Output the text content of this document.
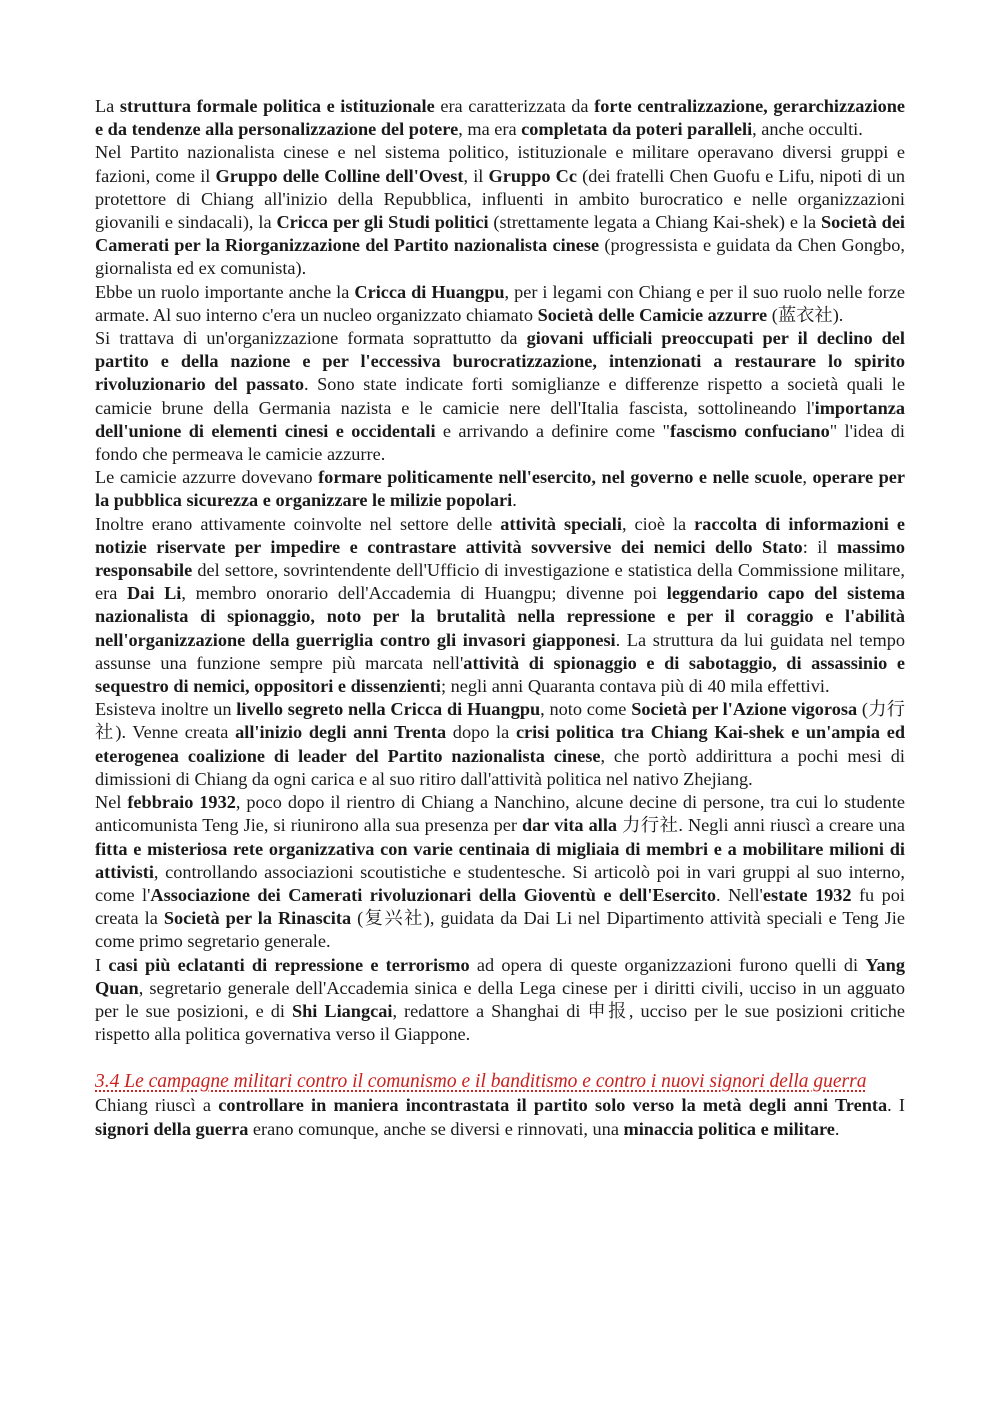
La struttura formale politica e istituzionale era caratterizzata da forte centralizzazione, gerarchizzazione e da tendenze alla personalizzazione del potere, ma era completata da poteri paralleli, anche occulti.

Nel Partito nazionalista cinese e nel sistema politico, istituzionale e militare operavano diversi gruppi e fazioni, come il Gruppo delle Colline dell'Ovest, il Gruppo Cc (dei fratelli Chen Guofu e Lifu, nipoti di un protettore di Chiang all'inizio della Repubblica, influenti in ambito burocratico e nelle organizzazioni giovanili e sindacali), la Cricca per gli Studi politici (strettamente legata a Chiang Kai-shek) e la Società dei Camerati per la Riorganizzazione del Partito nazionalista cinese (progressista e guidata da Chen Gongbo, giornalista ed ex comunista).

Ebbe un ruolo importante anche la Cricca di Huangpu, per i legami con Chiang e per il suo ruolo nelle forze armate. Al suo interno c'era un nucleo organizzato chiamato Società delle Camicie azzurre (蓝衣社).

Si trattava di un'organizzazione formata soprattutto da giovani ufficiali preoccupati per il declino del partito e della nazione e per l'eccessiva burocratizzazione, intenzionati a restaurare lo spirito rivoluzionario del passato. Sono state indicate forti somiglianze e differenze rispetto a società quali le camicie brune della Germania nazista e le camicie nere dell'Italia fascista, sottolineando l'importanza dell'unione di elementi cinesi e occidentali e arrivando a definire come "fascismo confuciano" l'idea di fondo che permeava le camicie azzurre.

Le camicie azzurre dovevano formare politicamente nell'esercito, nel governo e nelle scuole, operare per la pubblica sicurezza e organizzare le milizie popolari.

Inoltre erano attivamente coinvolte nel settore delle attività speciali, cioè la raccolta di informazioni e notizie riservate per impedire e contrastare attività sovversive dei nemici dello Stato: il massimo responsabile del settore, sovrintendente dell'Ufficio di investigazione e statistica della Commissione militare, era Dai Li, membro onorario dell'Accademia di Huangpu; divenne poi leggendario capo del sistema nazionalista di spionaggio, noto per la brutalità nella repressione e per il coraggio e l'abilità nell'organizzazione della guerriglia contro gli invasori giapponesi. La struttura da lui guidata nel tempo assunse una funzione sempre più marcata nell'attività di spionaggio e di sabotaggio, di assassinio e sequestro di nemici, oppositori e dissenzienti; negli anni Quaranta contava più di 40 mila effettivi.

Esisteva inoltre un livello segreto nella Cricca di Huangpu, noto come Società per l'Azione vigorosa (力行社). Venne creata all'inizio degli anni Trenta dopo la crisi politica tra Chiang Kai-shek e un'ampia ed eterogenea coalizione di leader del Partito nazionalista cinese, che portò addirittura a pochi mesi di dimissioni di Chiang da ogni carica e al suo ritiro dall'attività politica nel nativo Zhejiang.

Nel febbraio 1932, poco dopo il rientro di Chiang a Nanchino, alcune decine di persone, tra cui lo studente anticomunista Teng Jie, si riunirono alla sua presenza per dar vita alla 力行社. Negli anni riuscì a creare una fitta e misteriosa rete organizzativa con varie centinaia di migliaia di membri e a mobilitare milioni di attivisti, controllando associazioni scoutistiche e studentesche. Si articolò poi in vari gruppi al suo interno, come l'Associazione dei Camerati rivoluzionari della Gioventù e dell'Esercito. Nell'estate 1932 fu poi creata la Società per la Rinascita (复兴社), guidata da Dai Li nel Dipartimento attività speciali e Teng Jie come primo segretario generale.

I casi più eclatanti di repressione e terrorismo ad opera di queste organizzazioni furono quelli di Yang Quan, segretario generale dell'Accademia sinica e della Lega cinese per i diritti civili, ucciso in un agguato per le sue posizioni, e di Shi Liangcai, redattore a Shanghai di 申报, ucciso per le sue posizioni critiche rispetto alla politica governativa verso il Giappone.

3.4 Le campagne militari contro il comunismo e il banditismo e contro i nuovi signori della guerra

Chiang riuscì a controllare in maniera incontrastata il partito solo verso la metà degli anni Trenta. I signori della guerra erano comunque, anche se diversi e rinnovati, una minaccia politica e militare.
